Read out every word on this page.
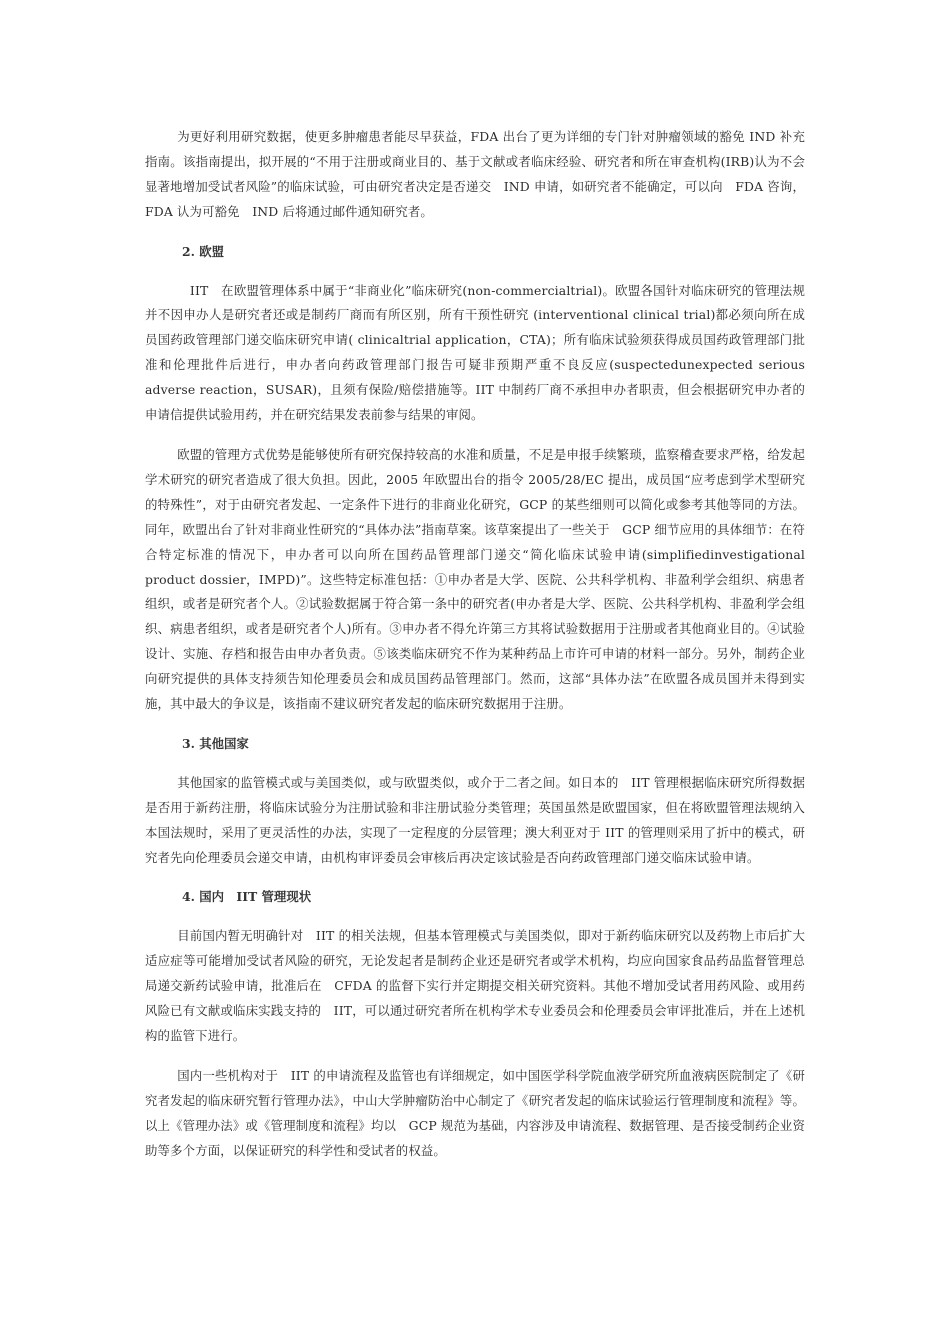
为更好利用研究数据，使更多肿瘤患者能尽早获益，FDA 出台了更为详细的专门针对肿瘤领域的豁免 IND 补充指南。该指南提出，拟开展的“不用于注册或商业目的、基于文献或者临床经验、研究者和所在审查机构(IRB)认为不会显著地增加受试者风险”的临床试验，可由研究者决定是否递交　IND 申请，如研究者不能确定，可以向　FDA 咨询，FDA 认为可豁免　IND 后将通过邮件通知研究者。

2. 欧盟

　IIT　在欧盟管理体系中属于“非商业化”临床研究(non-commercialtrial)。欧盟各国针对临床研究的管理法规并不因申办人是研究者还或是制药厂商而有所区别，所有干预性研究 (interventional clinical trial)都必须向所在成员国药政管理部门递交临床研究申请( clinicaltrial application，CTA)；所有临床试验须获得成员国药政管理部门批准和伦理批件后进行，申办者向药政管理部门报告可疑非预期严重不良反应(suspectedunexpected serious adverse reaction，SUSAR)，且须有保险/赔偿措施等。IIT 中制药厂商不承担申办者职责，但会根据研究申办者的申请信提供试验用药，并在研究结果发表前参与结果的审阅。

欧盟的管理方式优势是能够使所有研究保持较高的水准和质量，不足是申报手续繁琐，监察稽查要求严格，给发起学术研究的研究者造成了很大负担。因此，2005 年欧盟出台的指令 2005/28/EC 提出，成员国“应考虑到学术型研究的特殊性”，对于由研究者发起、一定条件下进行的非商业化研究，GCP 的某些细则可以简化或参考其他等同的方法。同年，欧盟出台了针对非商业性研究的“具体办法”指南草案。该草案提出了一些关于　GCP 细节应用的具体细节：在符合特定标准的情况下，申办者可以向所在国药品管理部门递交“简化临床试验申请(simplifiedinvestigational product dossier，IMPD)”。这些特定标准包括：①申办者是大学、医院、公共科学机构、非盈利学会组织、病患者组织，或者是研究者个人。②试验数据属于符合第一条中的研究者(申办者是大学、医院、公共科学机构、非盈利学会组织、病患者组织，或者是研究者个人)所有。③申办者不得允许第三方其将试验数据用于注册或者其他商业目的。④试验设计、实施、存档和报告由申办者负责。⑤该类临床研究不作为某种药品上市许可申请的材料一部分。另外，制药企业向研究提供的具体支持须告知伦理委员会和成员国药品管理部门。然而，这部“具体办法”在欧盟各成员国并未得到实施，其中最大的争议是，该指南不建议研究者发起的临床研究数据用于注册。

3. 其他国家

其他国家的监管模式或与美国类似，或与欧盟类似，或介于二者之间。如日本的　IIT 管理根据临床研究所得数据是否用于新药注册，将临床试验分为注册试验和非注册试验分类管理；英国虽然是欧盟国家，但在将欧盟管理法规纳入本国法规时，采用了更灵活性的办法，实现了一定程度的分层管理；澳大利亚对于 IIT 的管理则采用了折中的模式，研究者先向伦理委员会递交申请，由机构审评委员会审核后再决定该试验是否向药政管理部门递交临床试验申请。

4. 国内　IIT 管理现状

目前国内暂无明确针对　IIT 的相关法规，但基本管理模式与美国类似，即对于新药临床研究以及药物上市后扩大适应症等可能增加受试者风险的研究，无论发起者是制药企业还是研究者或学术机构，均应向国家食品药品监督管理总局递交新药试验申请，批准后在　CFDA 的监督下实行并定期提交相关研究资料。其他不增加受试者用药风险、或用药风险已有文献或临床实践支持的　IIT，可以通过研究者所在机构学术专业委员会和伦理委员会审评批准后，并在上述机构的监管下进行。

国内一些机构对于　IIT 的申请流程及监管也有详细规定，如中国医学科学院血液学研究所血液病医院制定了《研究者发起的临床研究暂行管理办法》，中山大学肿瘤防治中心制定了《研究者发起的临床试验运行管理制度和流程》等。以上《管理办法》或《管理制度和流程》均以　GCP 规范为基础，内容涉及申请流程、数据管理、是否接受制药企业资助等多个方面，以保证研究的科学性和受试者的权益。
